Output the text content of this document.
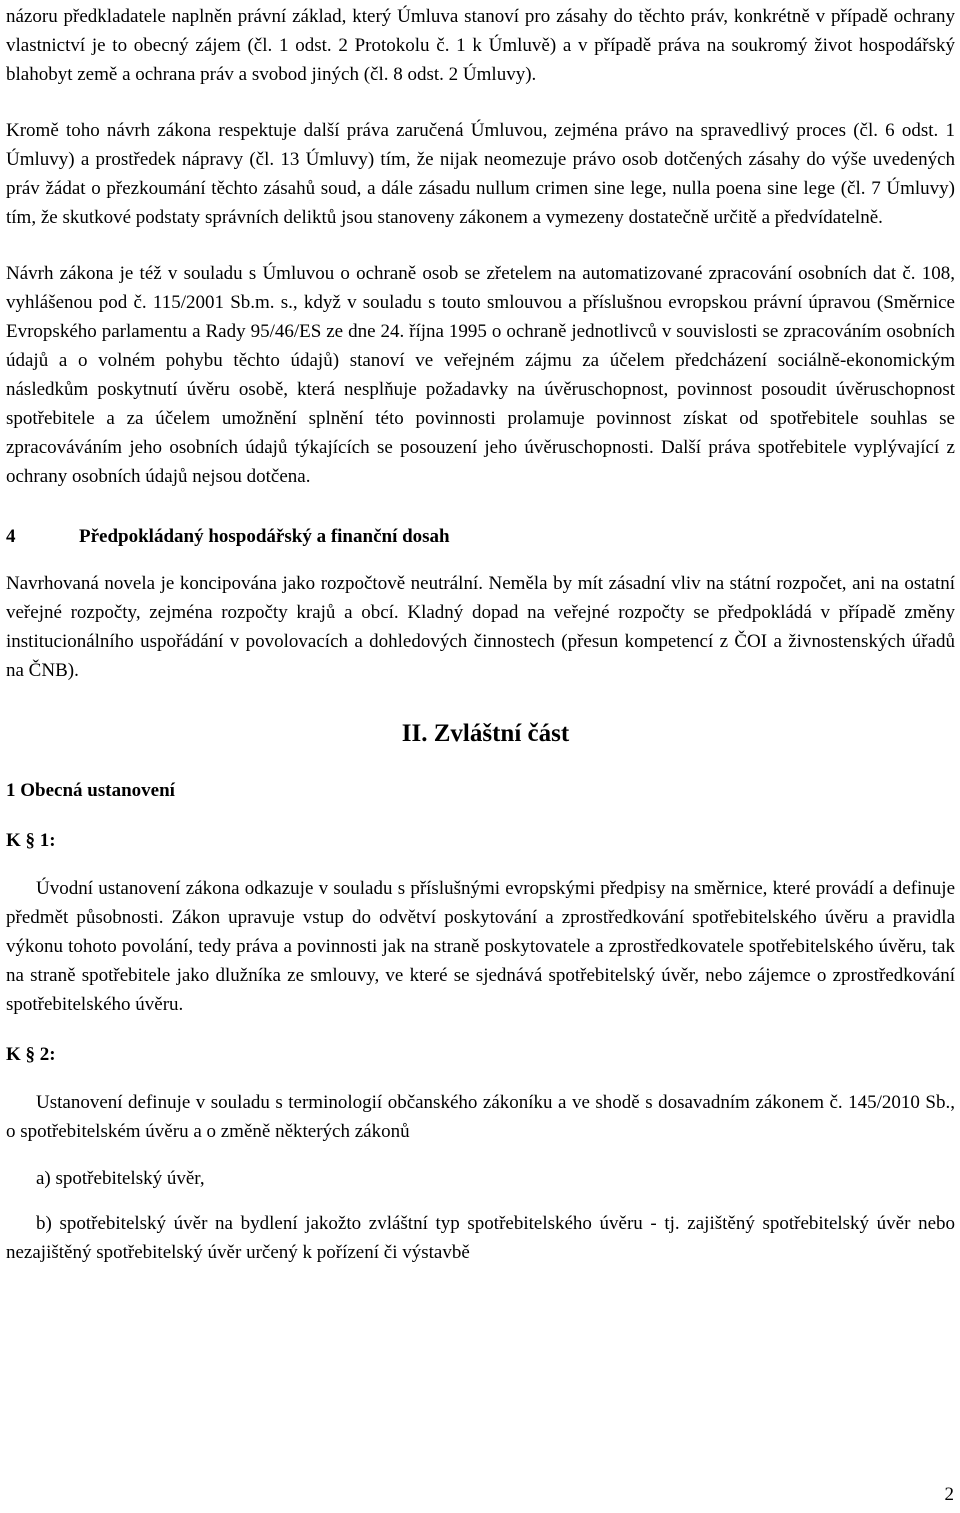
názoru předkladatele naplněn právní základ, který Úmluva stanoví pro zásahy do těchto práv, konkrétně v případě ochrany vlastnictví je to obecný zájem (čl. 1 odst. 2 Protokolu č. 1 k Úmluvě) a v případě práva na soukromý život hospodářský blahobyt země a ochrana práv a svobod jiných (čl. 8 odst. 2 Úmluvy).

Kromě toho návrh zákona respektuje další práva zaručená Úmluvou, zejména právo na spravedlivý proces (čl. 6 odst. 1 Úmluvy) a prostředek nápravy (čl. 13 Úmluvy) tím, že nijak neomezuje právo osob dotčených zásahy do výše uvedených práv žádat o přezkoumání těchto zásahů soud, a dále zásadu nullum crimen sine lege, nulla poena sine lege (čl. 7 Úmluvy) tím, že skutkové podstaty správních deliktů jsou stanoveny zákonem a vymezeny dostatečně určitě a předvídatelně.

Návrh zákona je též v souladu s Úmluvou o ochraně osob se zřetelem na automatizované zpracování osobních dat č. 108, vyhlášenou pod č. 115/2001 Sb.m. s., když v souladu s touto smlouvou a příslušnou evropskou právní úpravou (Směrnice Evropského parlamentu a Rady 95/46/ES ze dne 24. října 1995 o ochraně jednotlivců v souvislosti se zpracováním osobních údajů a o volném pohybu těchto údajů) stanoví ve veřejném zájmu za účelem předcházení sociálně-ekonomickým následkům poskytnutí úvěru osobě, která nesplňuje požadavky na úvěruschopnost, povinnost posoudit úvěruschopnost spotřebitele a za účelem umožnění splnění této povinnosti prolamuje povinnost získat od spotřebitele souhlas se zpracováváním jeho osobních údajů týkajících se posouzení jeho úvěruschopnosti. Další práva spotřebitele vyplývající z ochrany osobních údajů nejsou dotčena.

4	Předpokládaný hospodářský a finanční dosah

Navrhovaná novela je koncipována jako rozpočtově neutrální. Neměla by mít zásadní vliv na státní rozpočet, ani na ostatní veřejné rozpočty, zejména rozpočty krajů a obcí. Kladný dopad na veřejné rozpočty se předpokládá v případě změny institucionálního uspořádání v povolovacích a dohledových činnostech (přesun kompetencí z ČOI a živnostenských úřadů na ČNB).

II. Zvláštní část
1 Obecná ustanovení
K § 1:

Úvodní ustanovení zákona odkazuje v souladu s příslušnými evropskými předpisy na směrnice, které provádí a definuje předmět působnosti. Zákon upravuje vstup do odvětví poskytování a zprostředkování spotřebitelského úvěru a pravidla výkonu tohoto povolání, tedy práva a povinnosti jak na straně poskytovatele a zprostředkovatele spotřebitelského úvěru, tak na straně spotřebitele jako dlužníka ze smlouvy, ve které se sjednává spotřebitelský úvěr, nebo zájemce o zprostředkování spotřebitelského úvěru.

K § 2:

Ustanovení definuje v souladu s terminologií občanského zákoníku a ve shodě s dosavadním zákonem č. 145/2010 Sb., o spotřebitelském úvěru a o změně některých zákonů

a) spotřebitelský úvěr,

b) spotřebitelský úvěr na bydlení jakožto zvláštní typ spotřebitelského úvěru - tj. zajištěný spotřebitelský úvěr nebo nezajištěný spotřebitelský úvěr určený k pořízení či výstavbě

2
